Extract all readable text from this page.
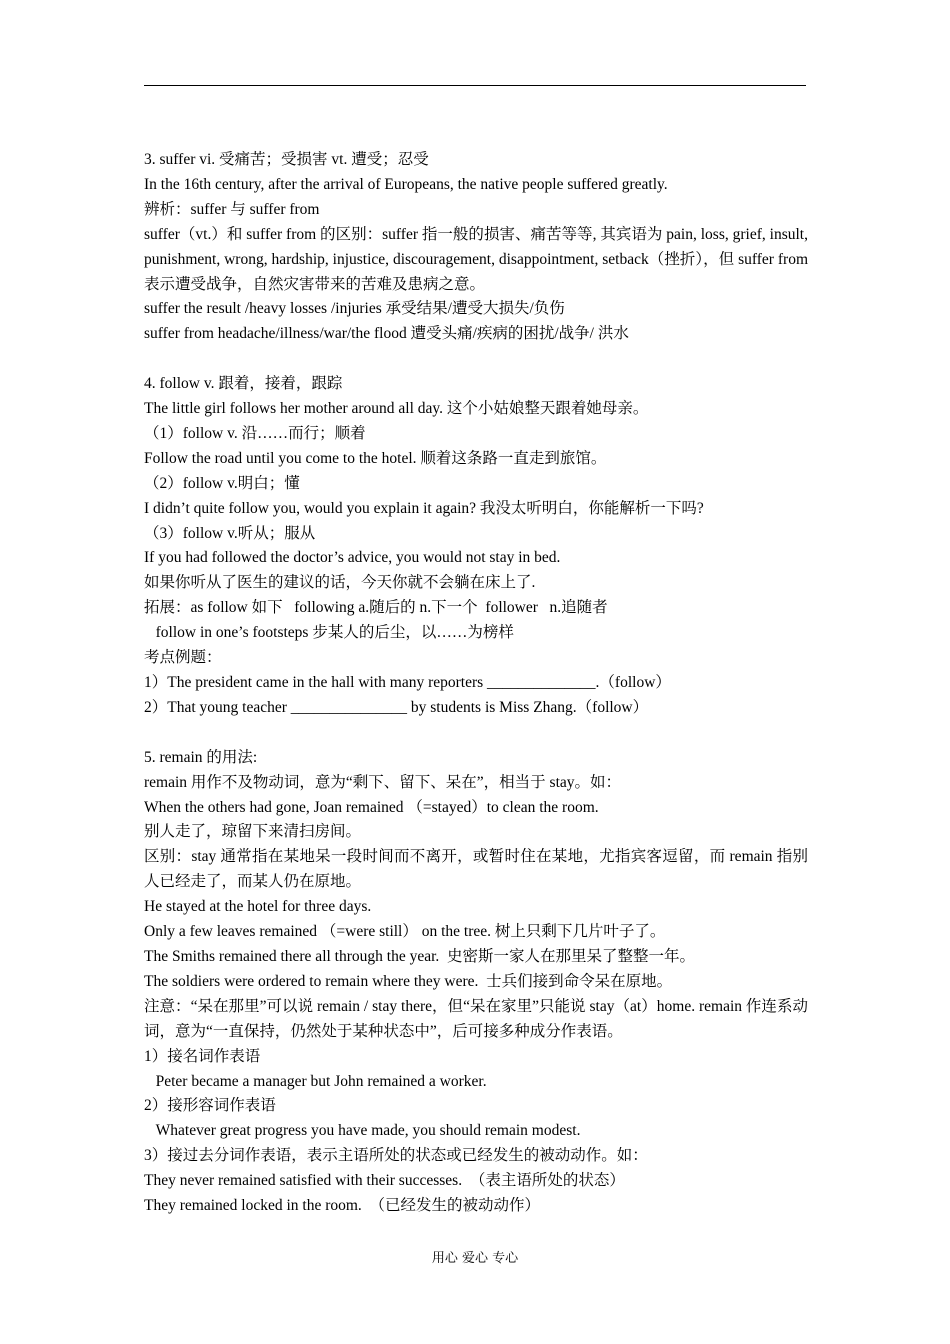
3. suffer vi. 受痛苦；受损害 vt. 遭受；忍受

In the 16th century, after the arrival of Europeans, the native people suffered greatly.

辨析：suffer 与 suffer from

suffer（vt.）和 suffer from 的区别：suffer 指一般的损害、痛苦等等, 其宾语为 pain, loss, grief, insult, punishment, wrong, hardship, injustice, discouragement, disappointment, setback（挫折），但 suffer from 表示遭受战争，自然灾害带来的苦难及患病之意。

suffer the result /heavy losses /injuries 承受结果/遭受大损失/负伤

suffer from headache/illness/war/the flood 遭受头痛/疾病的困扰/战争/ 洪水

4. follow v. 跟着，接着，跟踪

The little girl follows her mother around all day. 这个小姑娘整天跟着她母亲。

（1）follow v. 沿……而行；顺着

Follow the road until you come to the hotel. 顺着这条路一直走到旅馆。

（2）follow v.明白；懂

I didn’t quite follow you, would you explain it again? 我没太听明白，你能解析一下吗?

（3）follow v.听从；服从

If you had followed the doctor’s advice, you would not stay in bed.

如果你听从了医生的建议的话，今天你就不会躺在床上了.

拓展：as follow 如下   following a.随后的 n.下一个  follower   n.追随者

follow in one’s footsteps 步某人的后尘，以……为榜样

考点例题：

1）The president came in the hall with many reporters ______________.（follow）

2）That young teacher _______________ by students is Miss Zhang.（follow）

5. remain 的用法:

remain 用作不及物动词，意为“剩下、留下、呆在”，相当于 stay。如：

When the others had gone, Joan remained （=stayed）to clean the room.

别人走了，琼留下来清扫房间。

区别：stay 通常指在某地呆一段时间而不离开，或暂时住在某地，尤指宾客逗留，而 remain 指别人已经走了，而某人仍在原地。

He stayed at the hotel for three days.

Only a few leaves remained （=were still） on the tree. 树上只剩下几片叶子了。

The Smiths remained there all through the year.  史密斯一家人在那里呆了整整一年。

The soldiers were ordered to remain where they were.  士兵们接到命令呆在原地。

注意：“呆在那里”可以说 remain / stay there，但“呆在家里”只能说 stay（at）home. remain 作连系动词，意为“一直保持，仍然处于某种状态中”，后可接多种成分作表语。

1）接名词作表语

Peter became a manager but John remained a worker.

2）接形容词作表语

Whatever great progress you have made, you should remain modest.

3）接过去分词作表语，表示主语所处的状态或已经发生的被动动作。如：

They never remained satisfied with their successes.  （表主语所处的状态）

They remained locked in the room.  （已经发生的被动动作）

用心 爱心 专心
